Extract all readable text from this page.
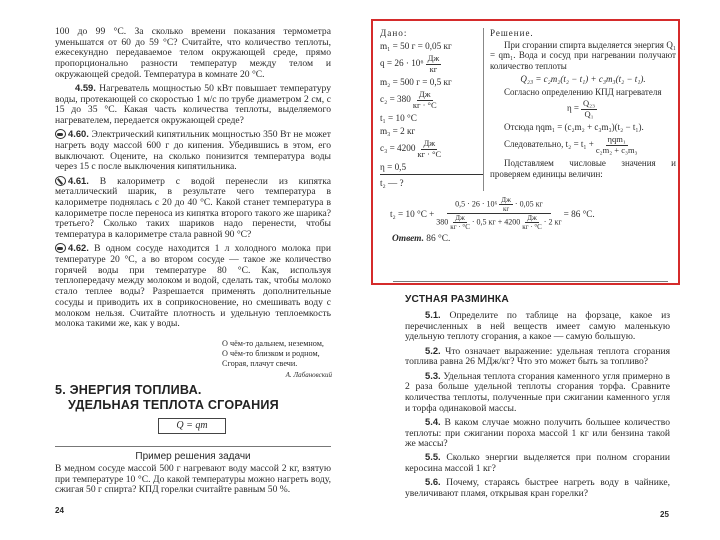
100 до 99 °С. За сколько времени показания термометра уменьшатся от 60 до 59 °С? Считайте, что количество теплоты, ежесекундно передаваемое телом окружающей среде, прямо пропорционально разности температур между телом и окружающей средой. Температура в комнате 20 °С.

4.59. Нагреватель мощностью 50 кВт повышает температуру воды, протекающей со скоростью 1 м/с по трубе диаметром 2 см, с 15 до 35 °С. Какая часть количества теплоты, выделяемого нагревателем, передается окружающей среде?

4.60. Электрический кипятильник мощностью 350 Вт не может нагреть воду массой 600 г до кипения. Убедившись в этом, его выключают. Оцените, на сколько понизится температура воды через 15 с после выключения кипятильника.

4.61. В калориметр с водой перенесли из кипятка металлический шарик, в результате чего температура в калориметре поднялась с 20 до 40 °С. Какой станет температура в калориметре после переноса из кипятка второго такого же шарика? третьего? Сколько таких шариков надо перенести, чтобы температура в калориметре стала равной 90 °С?

4.62. В одном сосуде находится 1 л холодного молока при температуре 20 °С, а во втором сосуде — такое же количество горячей воды при температуре 80 °С. Как, используя теплопередачу между молоком и водой, сделать так, чтобы молоко стало теплее воды? Разрешается применять дополнительные сосуды и приводить их в соприкосновение, но смешивать воду с молоком нельзя. Считайте плотность и удельную теплоемкость молока такими же, как у воды.

О чём-то дальнем, неземном,
О чём-то близком и родном,
Сгорая, плачут свечи.
А. Лабановский
5. ЭНЕРГИЯ ТОПЛИВА.
УДЕЛЬНАЯ ТЕПЛОТА СГОРАНИЯ
Q = qm
Пример решения задачи
В медном сосуде массой 500 г нагревают воду массой 2 кг, взятую при температуре 10 °С. До какой температуры можно нагреть воду, сжигая 50 г спирта? КПД горелки считайте равным 50 %.
24
Дано:
m₁ = 50 г = 0,05 кг
$q = 26 \cdot 10^6 \frac{Дж}{кг}$
m₂ = 500 г = 0,5 кг
$c_2 = 380 \frac{Дж}{кг \cdot ^\circ С}$
t₁ = 10 °С
m₃ = 2 кг
$c_3 = 4200 \frac{Дж}{кг \cdot ^\circ С}$
η = 0,5
t₂ — ?

Решение.

При сгорании спирта выделяется энергия Q₁ = qm₁. Вода и сосуд при нагревании получают количество теплоты

Q₂₃ = c₂m₂(t₂ − t₁) + c₃m₃(t₂ − t₁).

Согласно определению КПД нагревателя

$\eta = \frac{\text{Q₂₃}}{\text{Q₁}}$

Отсюда ηqm₁ = (c₂m₂ + c₃m₃)(t₂ − t₁).

Следовательно, $t_2 = t_1 + \frac{\text{ηqm₁}}{\text{c₂m₂ + c₃m₃}}$

Подставляем числовые значения и проверяем единицы величин:

t₂ = 10 $^\circ С + \frac{0,5 \cdot 26 \cdot 10^6 \frac{Дж}{кг} \cdot 0,05 кг}{380 \frac{Дж}{кг \cdot ^\circ С} \cdot 0,5 кг + 4200 \frac{Дж}{кг \cdot ^\circ С} \cdot 2 кг} = 86$ °С.
Ответ. 86 °С.
УСТНАЯ РАЗМИНКА

5.1. Определите по таблице на форзаце, какое из перечисленных в ней веществ имеет самую маленькую удельную теплоту сгорания, а какое — самую большую.

5.2. Что означает выражение: удельная теплота сгорания топлива равна 26 МДж/кг? Что это может быть за топливо?

5.3. Удельная теплота сгорания каменного угля примерно в 2 раза больше удельной теплоты сгорания торфа. Сравните количества теплоты, полученные при сжигании каменного угля и торфа одинаковой массы.

5.4. В каком случае можно получить большее количество теплоты: при сжигании пороха массой 1 кг или бензина такой же массы?

5.5. Сколько энергии выделяется при полном сгорании керосина массой 1 кг?

5.6. Почему, стараясь быстрее нагреть воду в чайнике, увеличивают пламя, открывая кран горелки?

25
